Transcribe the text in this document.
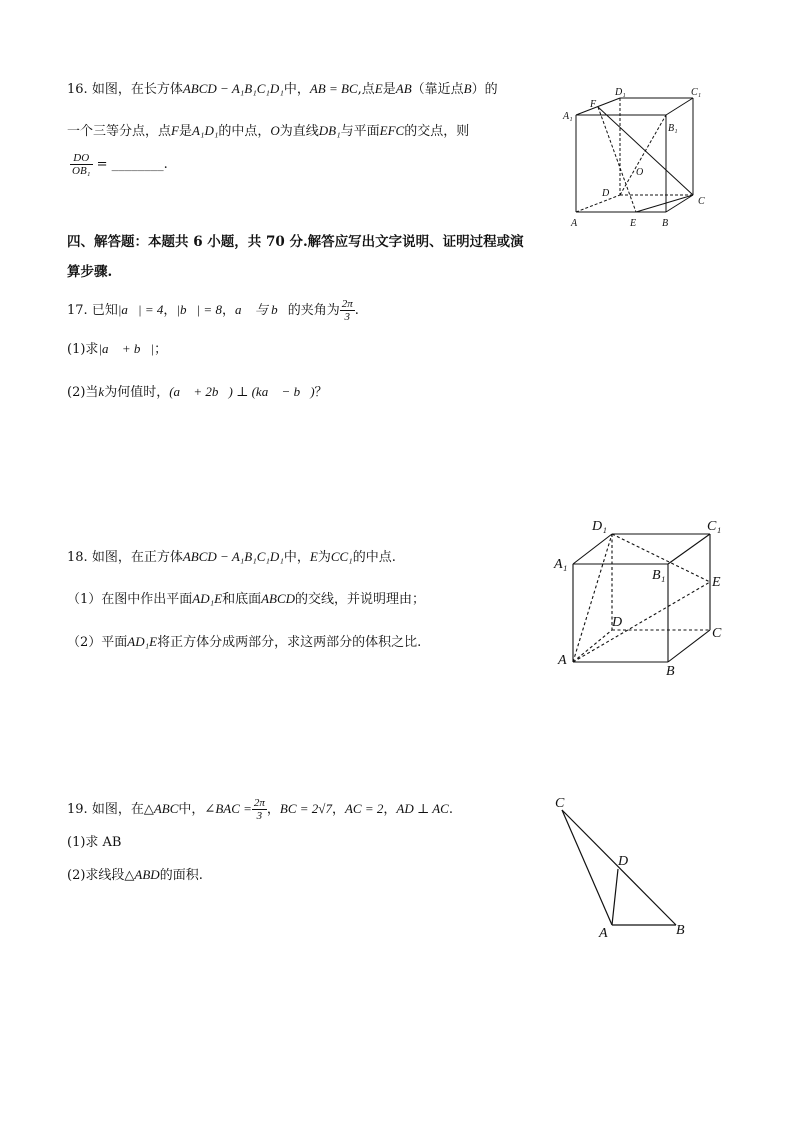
16. 如图，在长方体ABCD − A₁B₁C₁D₁中，AB = BC,点E是AB（靠近点B）的
一个三等分点，点F是A₁D₁的中点，O为直线DB₁与平面EFC的交点，则
$\frac{DO}{\text{OB₁}}$ = ________.
D₁	C₁
A₁
F
B₁
O
D
C
A	E	B
四、解答题：本题共 6 小题，共 70 分.解答应写出文字说明、证明过程或演
算步骤.
17. 已知|a⃗| = 4，|b⃗| = 8，a⃗ 与 b⃗的夹角为 $\frac{2\pi}{3}$ .
(1)求|a⃗ + b⃗|；
(2)当k为何值时，(a⃗ + 2b⃗) ⊥ (ka⃗ − b⃗)？
18. 如图，在正方体ABCD − A₁B₁C₁D₁中，E为CC₁的中点.
（1）在图中作出平面AD₁E和底面ABCD的交线，并说明理由；
（2）平面AD₁E将正方体分成两部分，求这两部分的体积之比.
D₁	C₁
A₁
B₁	E
D
C
A
B
19. 如图，在△ABC中，∠BAC = $\frac{2\pi}{3}$ ，BC = 2√7，AC = 2，AD ⊥ AC.
(1)求 AB
(2)求线段△ABD的面积.
C
D
A	B
